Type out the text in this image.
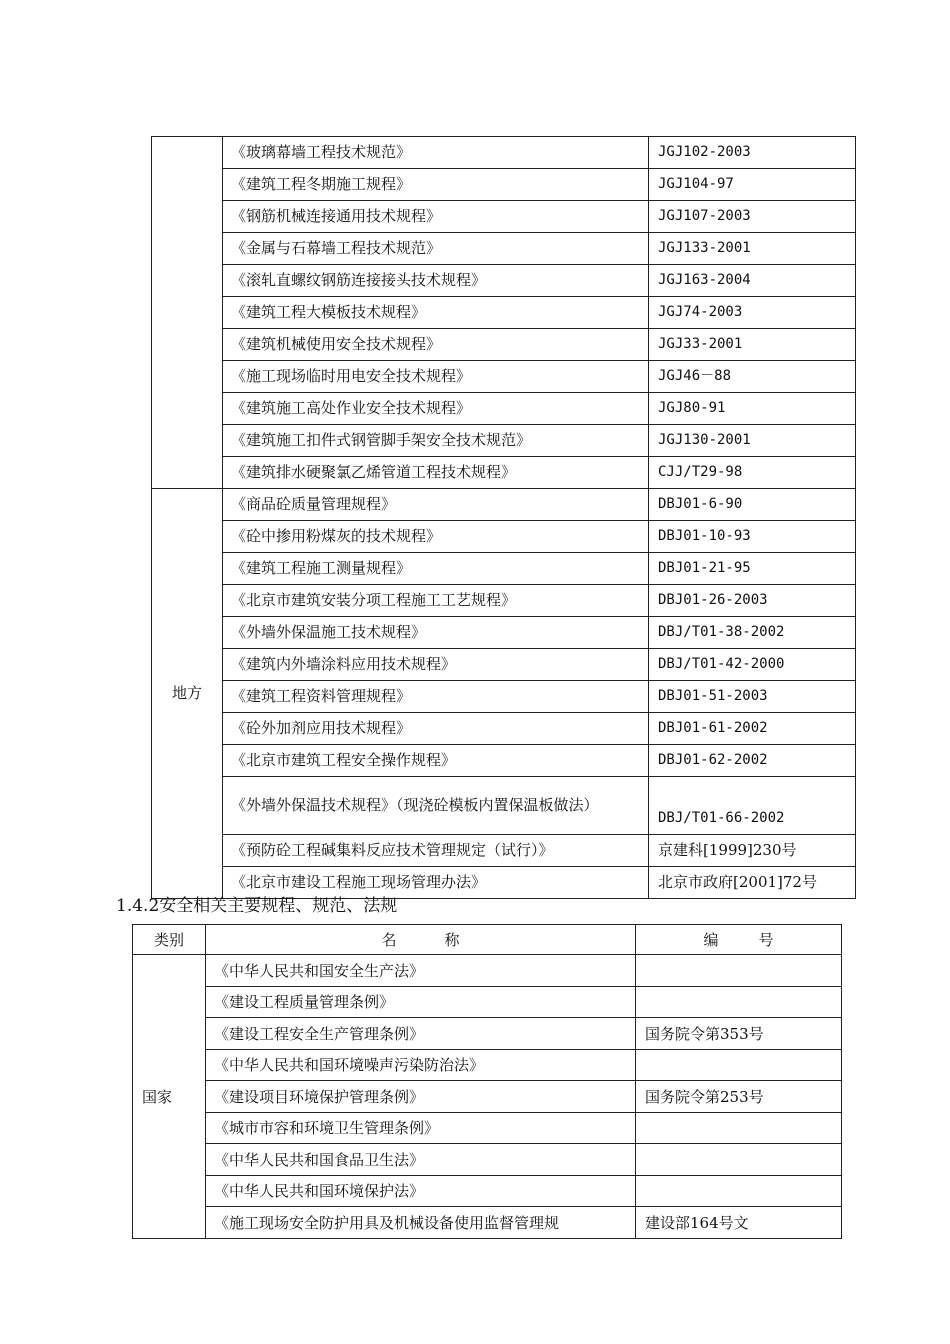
	《玻璃幕墙工程技术规范》	JGJ102-2003
	《建筑工程冬期施工规程》	JGJ104-97
	《钢筋机械连接通用技术规程》	JGJ107-2003
	《金属与石幕墙工程技术规范》	JGJ133-2001
	《滚轧直螺纹钢筋连接接头技术规程》	JGJ163-2004
	《建筑工程大模板技术规程》	JGJ74-2003
	《建筑机械使用安全技术规程》	JGJ33-2001
	《施工现场临时用电安全技术规程》	JGJ46－88
	《建筑施工高处作业安全技术规程》	JGJ80-91
	《建筑施工扣件式钢管脚手架安全技术规范》	JGJ130-2001
	《建筑排水硬聚氯乙烯管道工程技术规程》	CJJ/T29-98
地方	《商品砼质量管理规程》	DBJ01-6-90
	《砼中掺用粉煤灰的技术规程》	DBJ01-10-93
	《建筑工程施工测量规程》	DBJ01-21-95
	《北京市建筑安装分项工程施工工艺规程》	DBJ01-26-2003
	《外墙外保温施工技术规程》	DBJ/T01-38-2002
	《建筑内外墙涂料应用技术规程》	DBJ/T01-42-2000
	《建筑工程资料管理规程》	DBJ01-51-2003
	《砼外加剂应用技术规程》	DBJ01-61-2002
	《北京市建筑工程安全操作规程》	DBJ01-62-2002
	《外墙外保温技术规程》（现浇砼模板内置保温板做法）	DBJ/T01-66-2002
	《预防砼工程碱集料反应技术管理规定（试行）》	京建科[1999]230号
	《北京市建设工程施工现场管理办法》	北京市政府[2001]72号
1.4.2安全相关主要规程、规范、法规
类别	名 称	编 号
国家	《中华人民共和国安全生产法》	
	《建设工程质量管理条例》	
	《建设工程安全生产管理条例》	国务院令第353号
	《中华人民共和国环境噪声污染防治法》	
	《建设项目环境保护管理条例》	国务院令第253号
	《城市市容和环境卫生管理条例》	
	《中华人民共和国食品卫生法》	
	《中华人民共和国环境保护法》	
	《施工现场安全防护用具及机械设备使用监督管理规	建设部164号文
